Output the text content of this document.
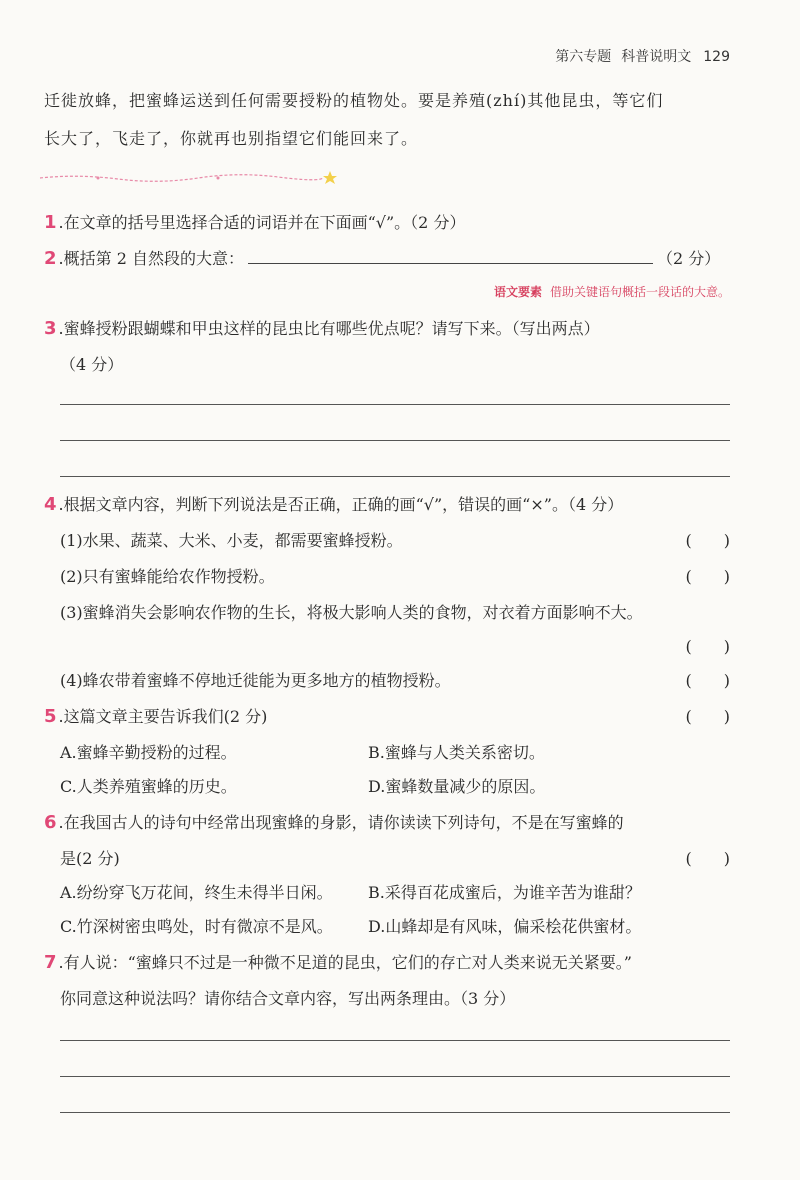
第六专题 科普说明文 129
迁徙放蜂，把蜜蜂运送到任何需要授粉的植物处。要是养殖(zhí)其他昆虫，等它们
长大了，飞走了，你就再也别指望它们能回来了。
1 .在文章的括号里选择合适的词语并在下面画“√”。（2 分）
2 .概括第 2 自然段的大意：	（2 分）
语文要素 借助关键语句概括一段话的大意。
3 .蜜蜂授粉跟蝴蝶和甲虫这样的昆虫比有哪些优点呢？请写下来。（写出两点）
（4 分）
4 .根据文章内容，判断下列说法是否正确，正确的画“√”，错误的画“×”。（4 分）
(1)水果、蔬菜、大米、小麦，都需要蜜蜂授粉。	(　　)
(2)只有蜜蜂能给农作物授粉。	(　　)
(3)蜜蜂消失会影响农作物的生长，将极大影响人类的食物，对衣着方面影响不大。
(　　)
(4)蜂农带着蜜蜂不停地迁徙能为更多地方的植物授粉。	(　　)
5 .这篇文章主要告诉我们(2 分)	(　　)
A.蜜蜂辛勤授粉的过程。	B.蜜蜂与人类关系密切。
C.人类养殖蜜蜂的历史。	D.蜜蜂数量减少的原因。
6 .在我国古人的诗句中经常出现蜜蜂的身影，请你读读下列诗句，不是在写蜜蜂的
是(2 分)	(　　)
A.纷纷穿飞万花间，终生未得半日闲。 B.采得百花成蜜后，为谁辛苦为谁甜？
C.竹深树密虫鸣处，时有微凉不是风。 D.山蜂却是有风味，偏采桧花供蜜材。
7 .有人说：“蜜蜂只不过是一种微不足道的昆虫，它们的存亡对人类来说无关紧要。”
你同意这种说法吗？请你结合文章内容，写出两条理由。（3 分）
